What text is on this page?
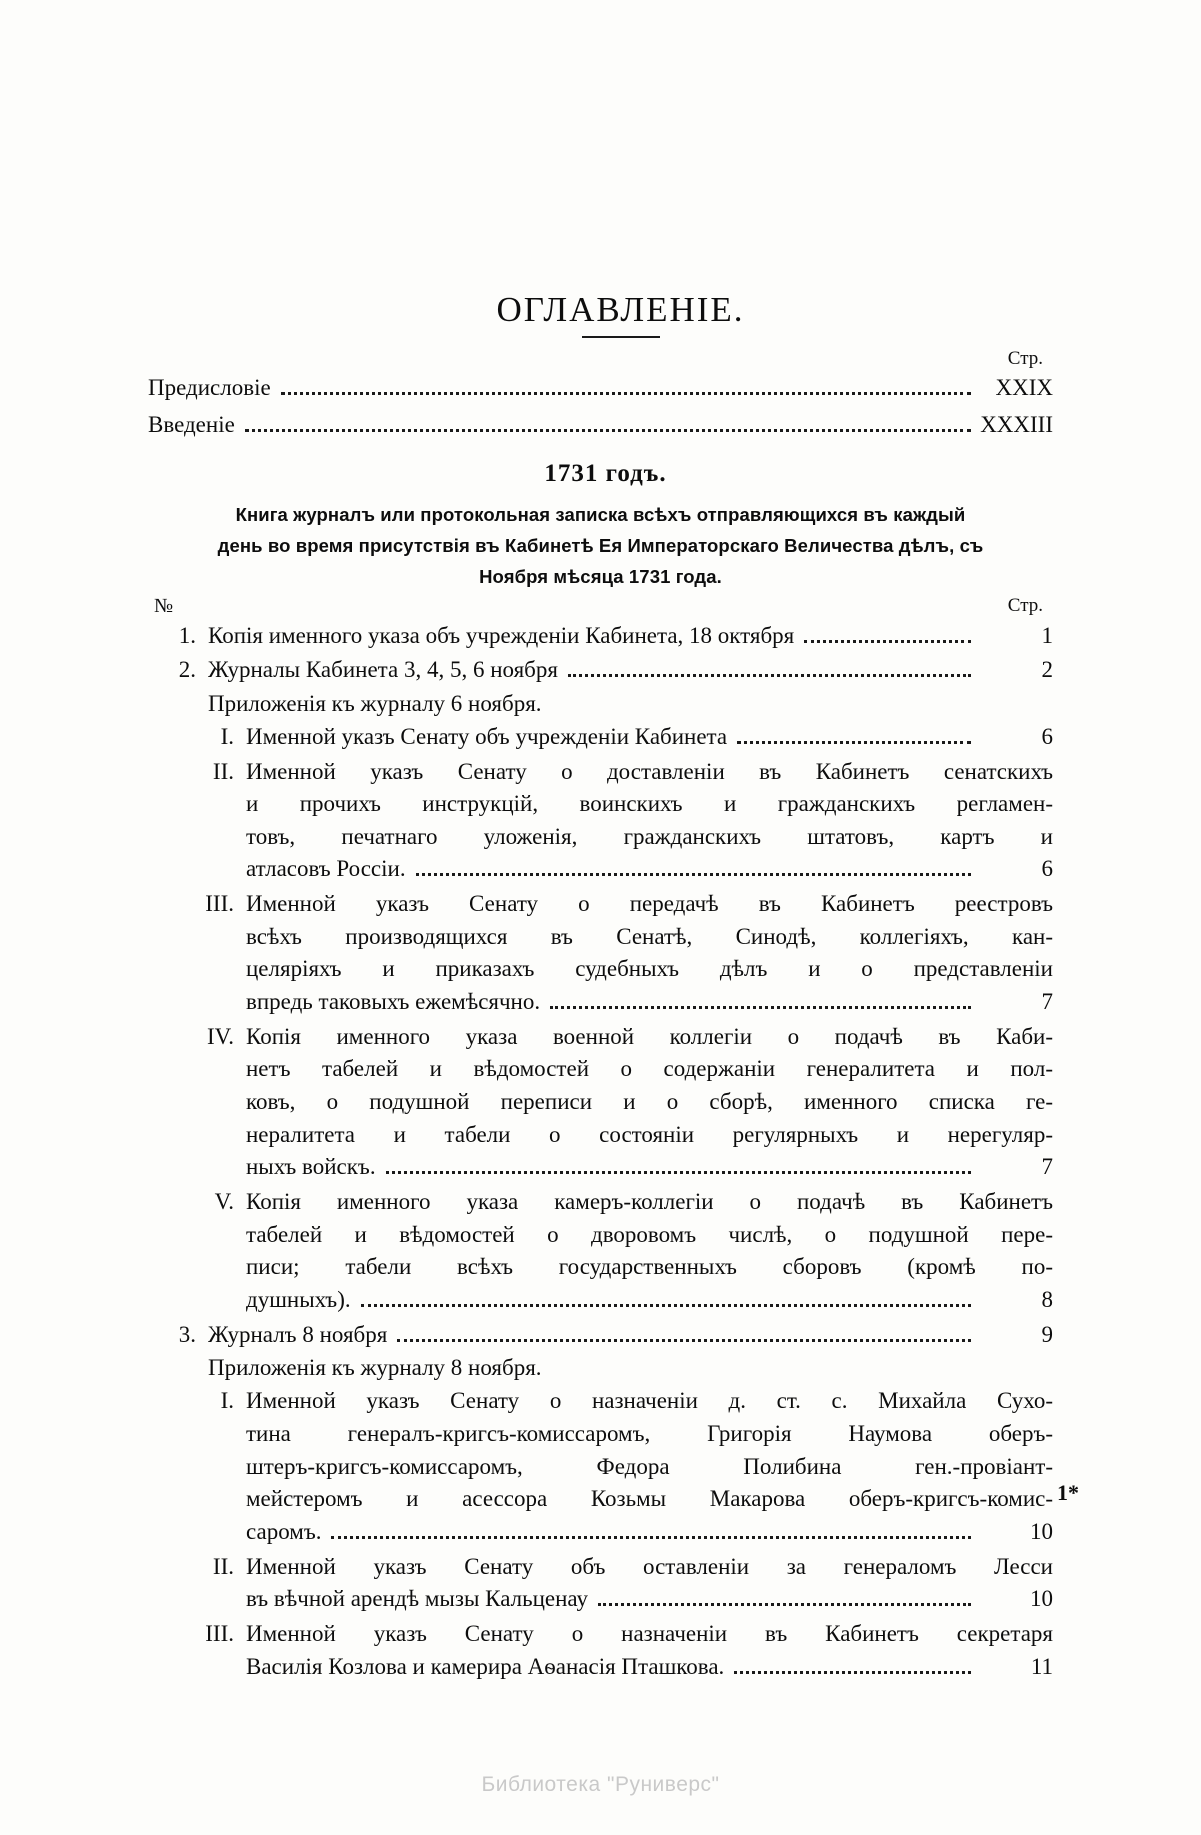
ОГЛАВЛЕНІЕ.
Стр.
Предисловіе	XXIX
Введеніе	XXXIII
1731 годъ.
Книга журналъ или протокольная записка всѣхъ отправляющихся въ каждый
день во время присутствія въ Кабинетѣ Ея Императорскаго Величества дѣлъ, съ
Ноября мѣсяца 1731 года.
№	Стр.
1. Копія именного указа объ учрежденіи Кабинета, 18 октября	1
2. Журналы Кабинета 3, 4, 5, 6 ноября	2
Приложенія къ журналу 6 ноября.
I. Именной указъ Сенату объ учрежденіи Кабинета	6
II. Именной указъ Сенату о доставленіи въ Кабинетъ сенатскихъ
и прочихъ инструкцій, воинскихъ и гражданскихъ регламен-
товъ, печатнаго уложенія, гражданскихъ штатовъ, картъ и
атласовъ Россіи.	6
III. Именной указъ Сенату о передачѣ въ Кабинетъ реестровъ
всѣхъ производящихся въ Сенатѣ, Синодѣ, коллегіяхъ, кан-
целяріяхъ и приказахъ судебныхъ дѣлъ и о представленіи
впредь таковыхъ ежемѣсячно.	7
IV. Копія именного указа военной коллегіи о подачѣ въ Каби-
нетъ табелей и вѣдомостей о содержаніи генералитета и пол-
ковъ, о подушной переписи и о сборѣ, именного списка ге-
нералитета и табели о состояніи регулярныхъ и нерегуляр-
ныхъ войскъ.	7
V. Копія именного указа камеръ-коллегіи о подачѣ въ Кабинетъ
табелей и вѣдомостей о дворовомъ числѣ, о подушной пере-
писи; табели всѣхъ государственныхъ сборовъ (кромѣ по-
душныхъ).	8
3. Журналъ 8 ноября	9
Приложенія къ журналу 8 ноября.
I. Именной указъ Сенату о назначеніи д. ст. с. Михайла Сухо-
тина генералъ-кригсъ-комиссаромъ, Григорія Наумова оберъ-
штеръ-кригсъ-комиссаромъ, Федора Полибина ген.-провіант-
мейстеромъ и асессора Козьмы Макарова оберъ-кригсъ-комис-
саромъ.	10
II. Именной указъ Сенату объ оставленіи за генераломъ Лесси
въ вѣчной арендѣ мызы Кальценау	10
III. Именной указъ Сенату о назначеніи въ Кабинетъ секретаря
Василія Козлова и камерира Аѳанасія Пташкова.	11
1*
Библиотека "Руниверс"
